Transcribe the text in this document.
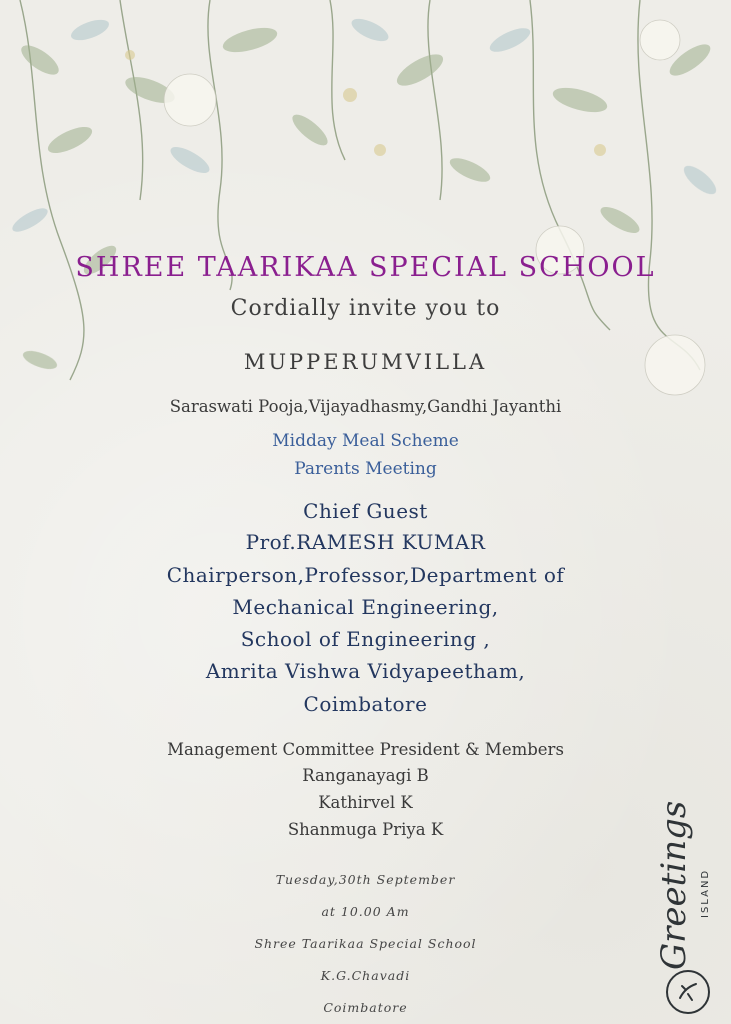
SHREE TAARIKAA SPECIAL SCHOOL
Cordially invite you to
MUPPERUMVILLA
Saraswati Pooja,Vijayadhasmy,Gandhi Jayanthi
Midday Meal Scheme
Parents Meeting
Chief Guest
Prof.RAMESH KUMAR
Chairperson,Professor,Department of
Mechanical Engineering,
School of Engineering ,
Amrita Vishwa Vidyapeetham,
Coimbatore
Management Committee President & Members
Ranganayagi B
Kathirvel K
Shanmuga Priya K
Tuesday,30th September
at 10.00 Am
Shree Taarikaa Special School
K.G.Chavadi
Coimbatore
Greetings ISLAND
